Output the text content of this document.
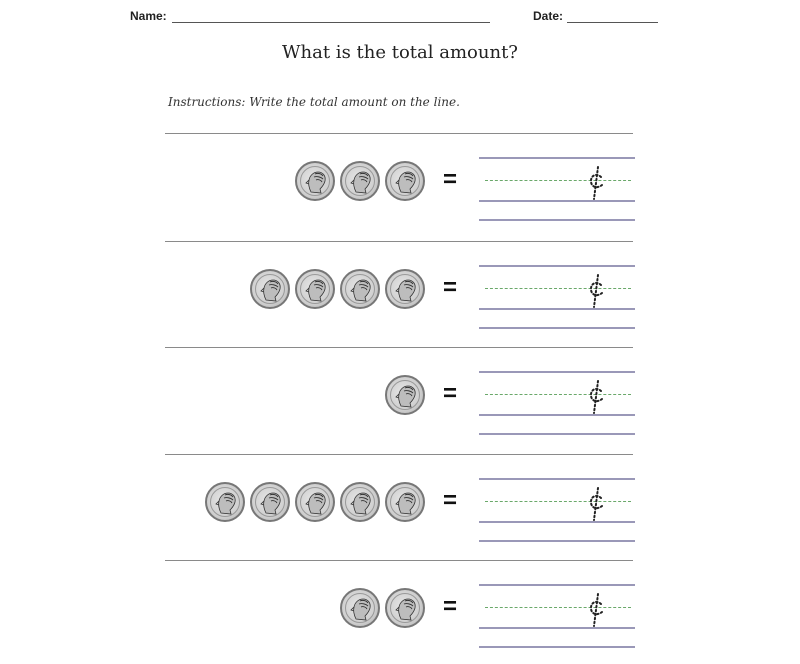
Name:	Date:
What is the total amount?
Instructions: Write the total amount on the line.
=
=
=
=
=
